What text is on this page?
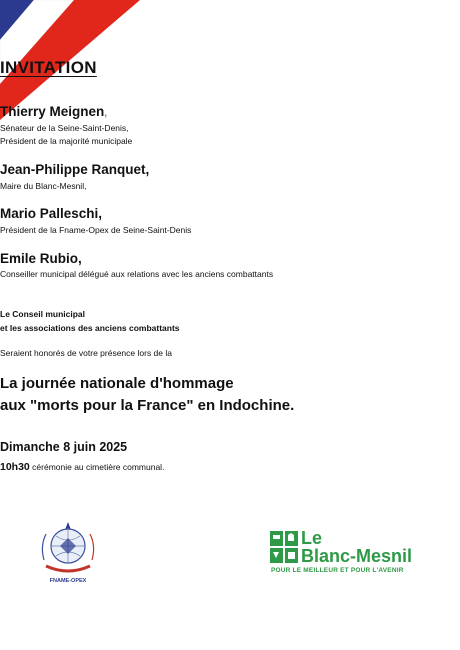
INVITATION
Thierry Meignen,
Sénateur de la Seine-Saint-Denis,
Président de la majorité municipale
Jean-Philippe Ranquet,
Maire du Blanc-Mesnil,
Mario Palleschi,
Président de la Fname-Opex de Seine-Saint-Denis
Emile Rubio,
Conseiller municipal délégué aux relations avec les anciens combattants
Le Conseil municipal
et les associations des anciens combattants
Seraient honorés de votre présence lors de la
La journée nationale d'hommage
aux "morts pour la France" en Indochine.
Dimanche 8 juin 2025
10h30 cérémonie au cimetière communal.
FNAME-OPEX
Le
Blanc-Mesnil
POUR LE MEILLEUR ET POUR L'AVENIR
